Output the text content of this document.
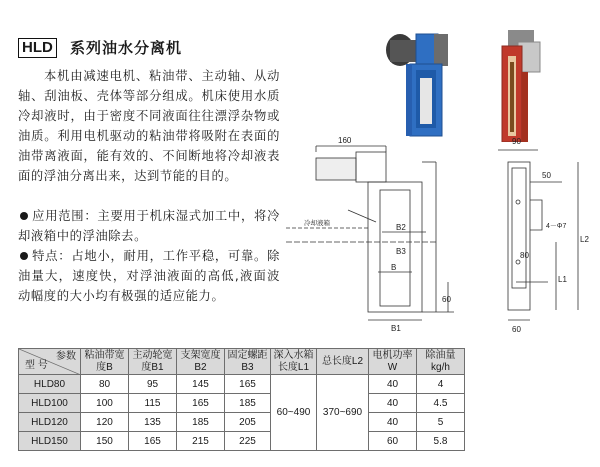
HLD 系列油水分离机
本机由减速电机、粘油带、主动轴、从动轴、刮油板、壳体等部分组成。机床使用水质冷却液时，由于密度不同液面往往漂浮杂物或油质。利用电机驱动的粘油带将吸附在表面的油带离液面，能有效的、不间断地将冷却液表面的浮油分离出来，达到节能的目的。
应用范围：主要用于机床湿式加工中，将冷却液箱中的浮油除去。
特点：占地小，耐用，工作平稳，可靠。除油量大，速度快，对浮油液面的高低,液面波动幅度的大小均有极强的适应能力。
160
冷却液箱	B2
B3
B
B1
60
90
50
80
4－Φ7
L2
L1
60
参数
型 号	粘油带宽度B	主动轮宽度B1	支架宽度B2	固定螺距B3	深入水箱长度L1	总长度L2	电机功率W	除油量kg/h
HLD80	80	95	145	165	60~490	370~690	40	4
HLD100	100	115	165	185			40	4.5
HLD120	120	135	185	205			40	5
HLD150	150	165	215	225			60	5.8
